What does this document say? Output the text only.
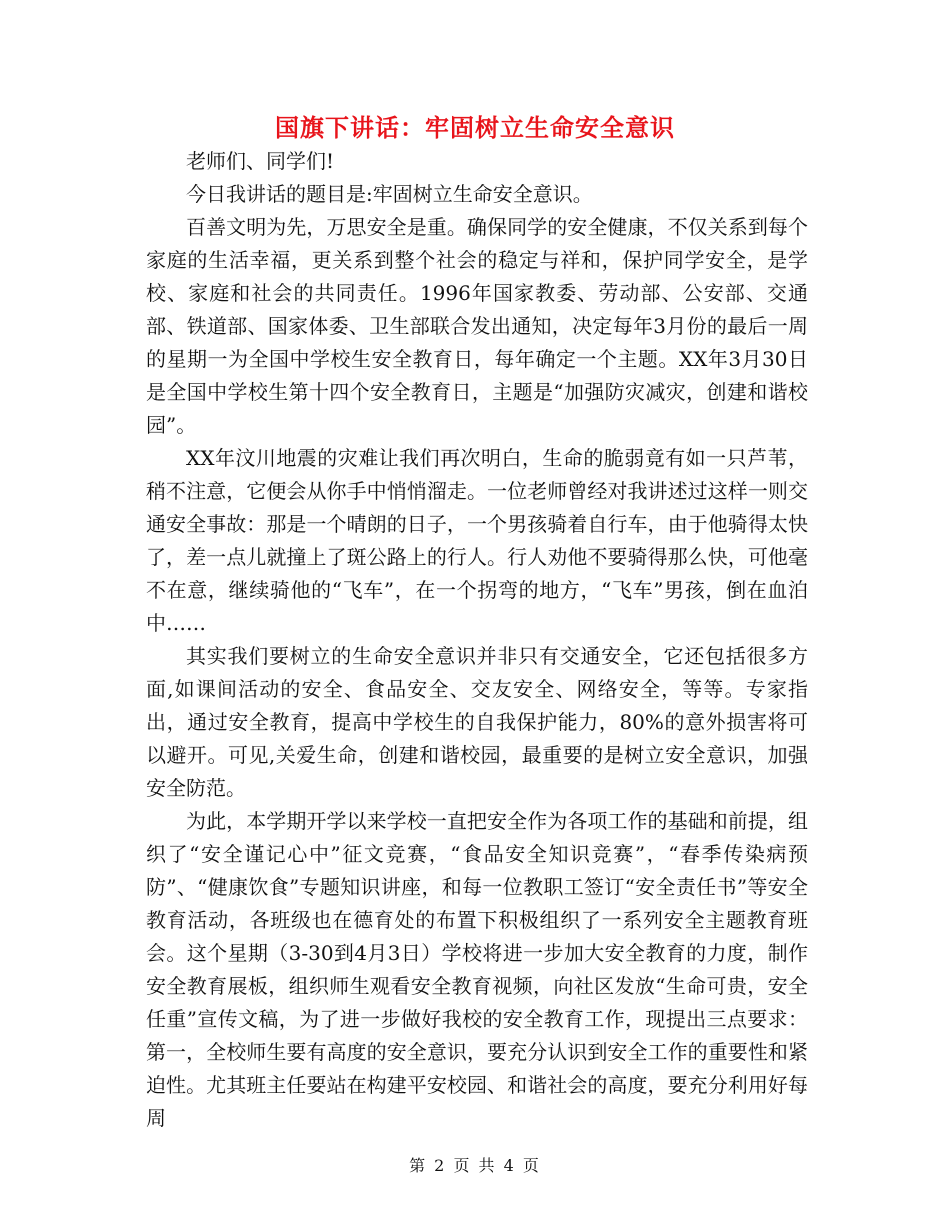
国旗下讲话：牢固树立生命安全意识

老师们、同学们!

今日我讲话的题目是:牢固树立生命安全意识。

百善文明为先，万思安全是重。确保同学的安全健康，不仅关系到每个家庭的生活幸福，更关系到整个社会的稳定与祥和，保护同学安全，是学校、家庭和社会的共同责任。1996年国家教委、劳动部、公安部、交通部、铁道部、国家体委、卫生部联合发出通知，决定每年3月份的最后一周的星期一为全国中学校生安全教育日，每年确定一个主题。XX年3月30日是全国中学校生第十四个安全教育日，主题是“加强防灾减灾，创建和谐校园”。

XX年汶川地震的灾难让我们再次明白，生命的脆弱竟有如一只芦苇，稍不注意，它便会从你手中悄悄溜走。一位老师曾经对我讲述过这样一则交通安全事故：那是一个晴朗的日子，一个男孩骑着自行车，由于他骑得太快了，差一点儿就撞上了斑公路上的行人。行人劝他不要骑得那么快，可他毫不在意，继续骑他的“飞车”，在一个拐弯的地方，“飞车”男孩，倒在血泊中……

其实我们要树立的生命安全意识并非只有交通安全，它还包括很多方面,如课间活动的安全、食品安全、交友安全、网络安全，等等。专家指出，通过安全教育，提高中学校生的自我保护能力，80%的意外损害将可以避开。可见,关爱生命，创建和谐校园，最重要的是树立安全意识，加强安全防范。

为此，本学期开学以来学校一直把安全作为各项工作的基础和前提，组织了“安全谨记心中”征文竞赛，“食品安全知识竞赛”，“春季传染病预防”、“健康饮食”专题知识讲座，和每一位教职工签订“安全责任书”等安全教育活动，各班级也在德育处的布置下积极组织了一系列安全主题教育班会。这个星期（3-30到4月3日）学校将进一步加大安全教育的力度，制作安全教育展板，组织师生观看安全教育视频，向社区发放“生命可贵，安全任重”宣传文稿，为了进一步做好我校的安全教育工作，现提出三点要求：第一，全校师生要有高度的安全意识，要充分认识到安全工作的重要性和紧迫性。尤其班主任要站在构建平安校园、和谐社会的高度，要充分利用好每周

第 2 页 共 4 页
